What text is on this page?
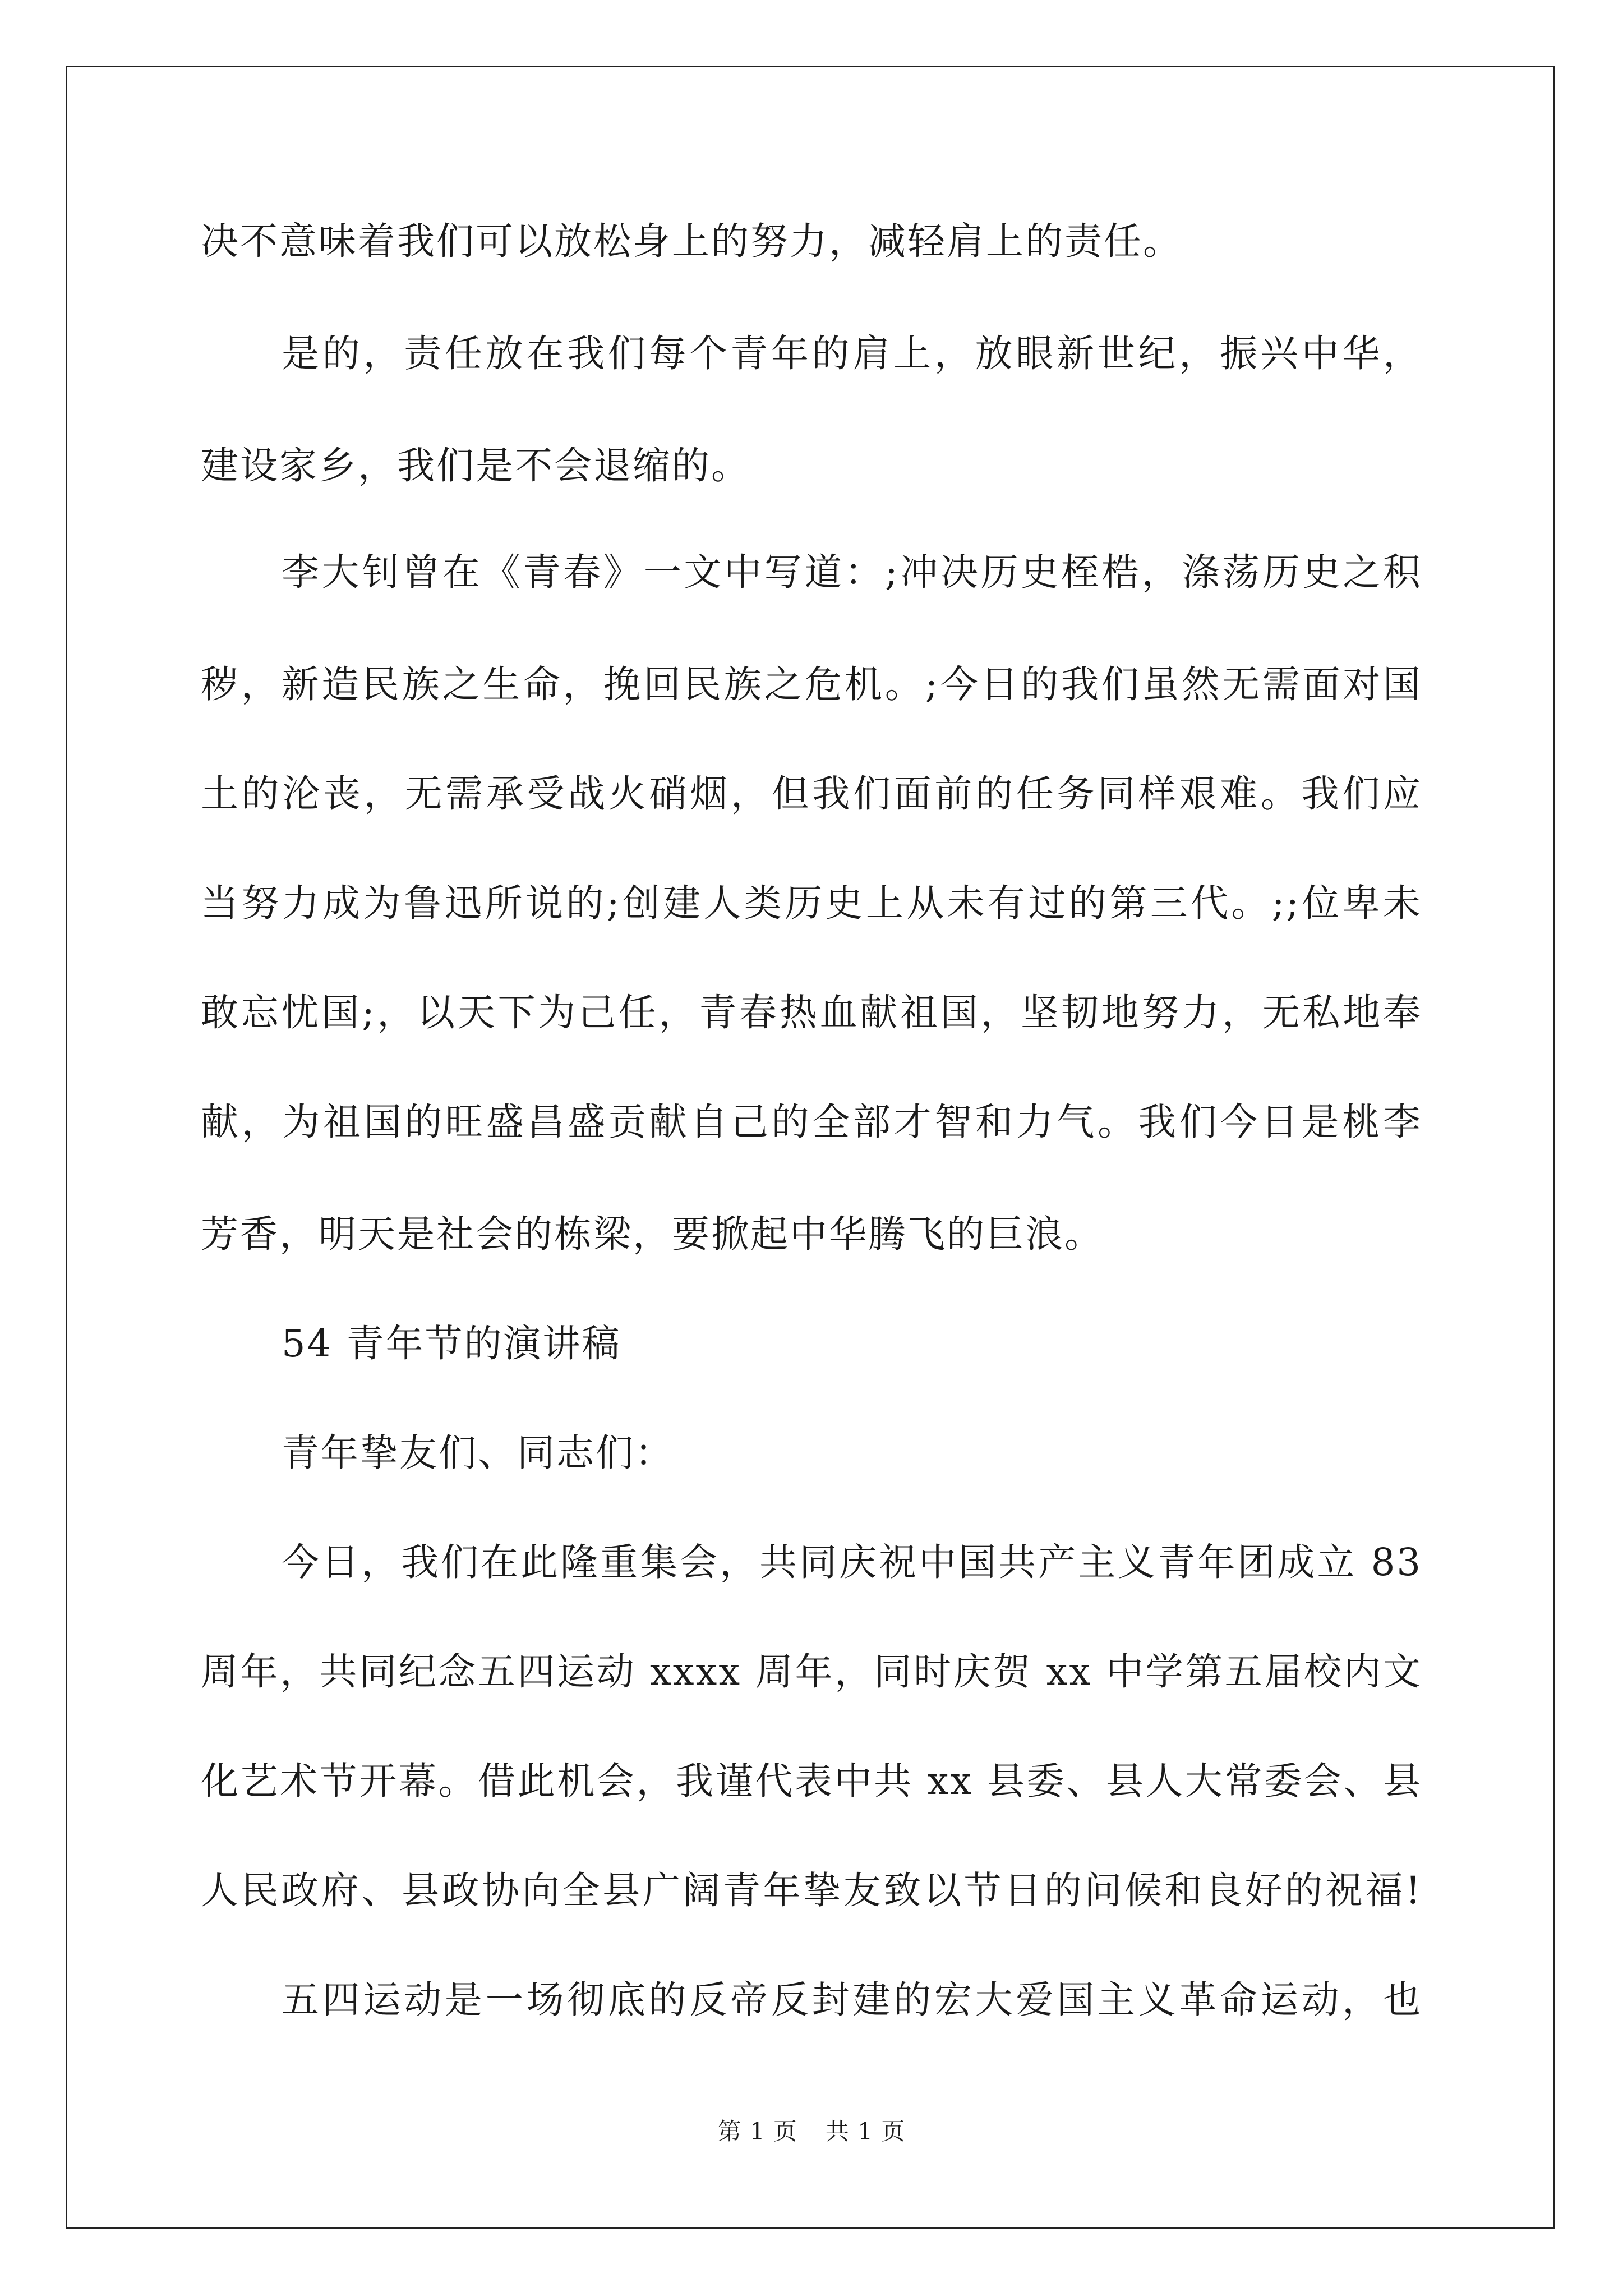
决不意味着我们可以放松身上的努力，减轻肩上的责任。
是的，责任放在我们每个青年的肩上，放眼新世纪，振兴中华，
建设家乡，我们是不会退缩的。
李大钊曾在《青春》一文中写道：;冲决历史桎梏，涤荡历史之积
秽，新造民族之生命，挽回民族之危机。;今日的我们虽然无需面对国
土的沦丧，无需承受战火硝烟，但我们面前的任务同样艰难。我们应
当努力成为鲁迅所说的;创建人类历史上从未有过的第三代。;;位卑未
敢忘忧国;，以天下为己任，青春热血献祖国，坚韧地努力，无私地奉
献，为祖国的旺盛昌盛贡献自己的全部才智和力气。我们今日是桃李
芳香，明天是社会的栋梁，要掀起中华腾飞的巨浪。
54 青年节的演讲稿
青年挚友们、同志们：
今日，我们在此隆重集会，共同庆祝中国共产主义青年团成立 83
周年，共同纪念五四运动 xxxx 周年，同时庆贺 xx 中学第五届校内文
化艺术节开幕。借此机会，我谨代表中共 xx 县委、县人大常委会、县
人民政府、县政协向全县广阔青年挚友致以节日的问候和良好的祝福!
五四运动是一场彻底的反帝反封建的宏大爱国主义革命运动，也
第 1 页 共 1 页
